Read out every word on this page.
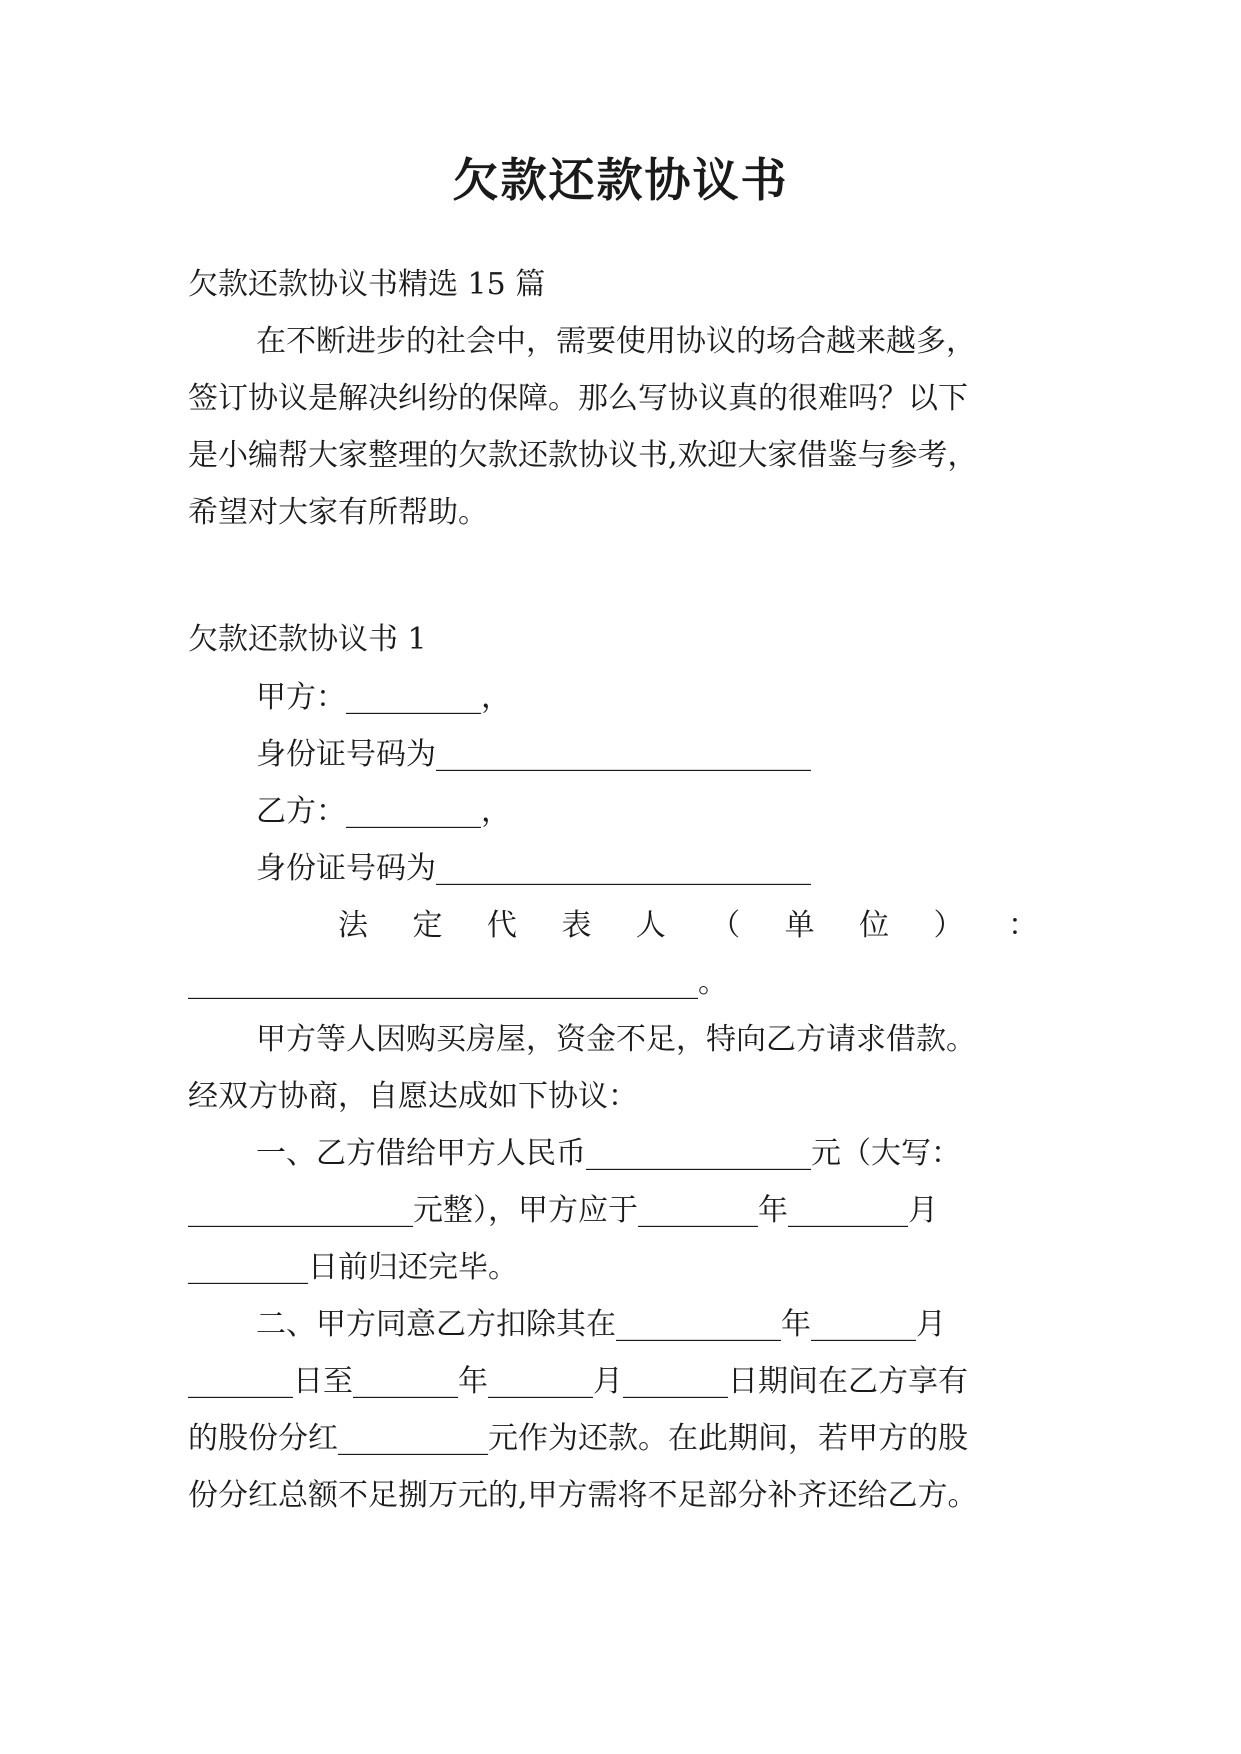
欠款还款协议书
欠款还款协议书精选 15 篇
在不断进步的社会中，需要使用协议的场合越来越多，
签订协议是解决纠纷的保障。那么写协议真的很难吗？以下
是小编帮大家整理的欠款还款协议书,欢迎大家借鉴与参考，
希望对大家有所帮助。
欠款还款协议书 1
甲方：_________，
身份证号码为_________________________
乙方：_________，
身份证号码为_________________________
法 定 代 表 人 （ 单 位 ） ：
__________________________________。
甲方等人因购买房屋，资金不足，特向乙方请求借款。
经双方协商，自愿达成如下协议：
一、乙方借给甲方人民币_______________元（大写：
_______________元整），甲方应于________年________月
________日前归还完毕。
二、甲方同意乙方扣除其在___________年_______月
_______日至_______年_______月_______日期间在乙方享有
的股份分红__________元作为还款。在此期间，若甲方的股
份分红总额不足捌万元的,甲方需将不足部分补齐还给乙方。
